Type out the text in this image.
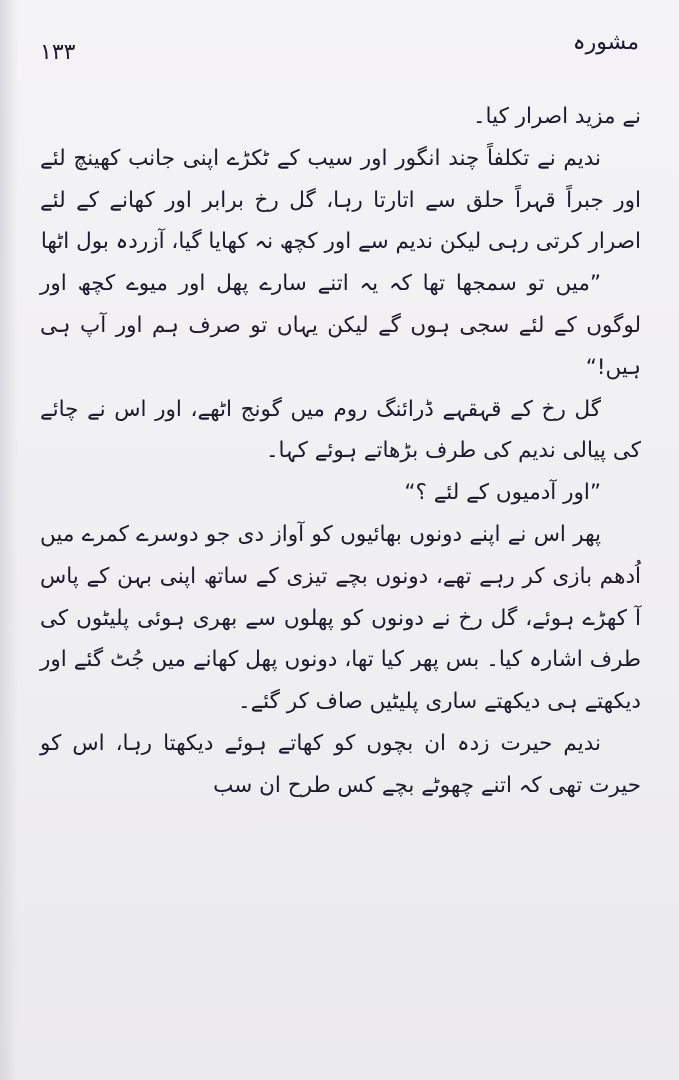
مشورہ
۱۳۳

نے مزید اصرار کیا۔

ندیم نے تکلفاً چند انگور اور سیب کے ٹکڑے اپنی جانب کھینچ لئے اور جبراً قہراً حلق سے اتارتا رہا، گل رخ برابر اور کھانے کے لئے اصرار کرتی رہی لیکن ندیم سے اور کچھ نہ کھایا گیا، آزردہ بول اٹھا

”میں تو سمجھا تھا کہ یہ اتنے سارے پھل اور میوے کچھ اور لوگوں کے لئے سجی ہوں گے لیکن یہاں تو صرف ہم اور آپ ہی ہیں!“

گل رخ کے قہقہے ڈرائنگ روم میں گونج اٹھے، اور اس نے چائے کی پیالی ندیم کی طرف بڑھاتے ہوئے کہا۔

”اور آدمیوں کے لئے ؟“

پھر اس نے اپنے دونوں بھائیوں کو آواز دی جو دوسرے کمرے میں اُدھم بازی کر رہے تھے، دونوں بچے تیزی کے ساتھ اپنی بہن کے پاس آ کھڑے ہوئے، گل رخ نے دونوں کو پھلوں سے بھری ہوئی پلیٹوں کی طرف اشارہ کیا۔ بس پھر کیا تھا، دونوں پھل کھانے میں جُٹ گئے اور دیکھتے ہی دیکھتے ساری پلیٹیں صاف کر گئے۔

ندیم حیرت زدہ ان بچوں کو کھاتے ہوئے دیکھتا رہا، اس کو حیرت تھی کہ اتنے چھوٹے بچے کس طرح ان سب
